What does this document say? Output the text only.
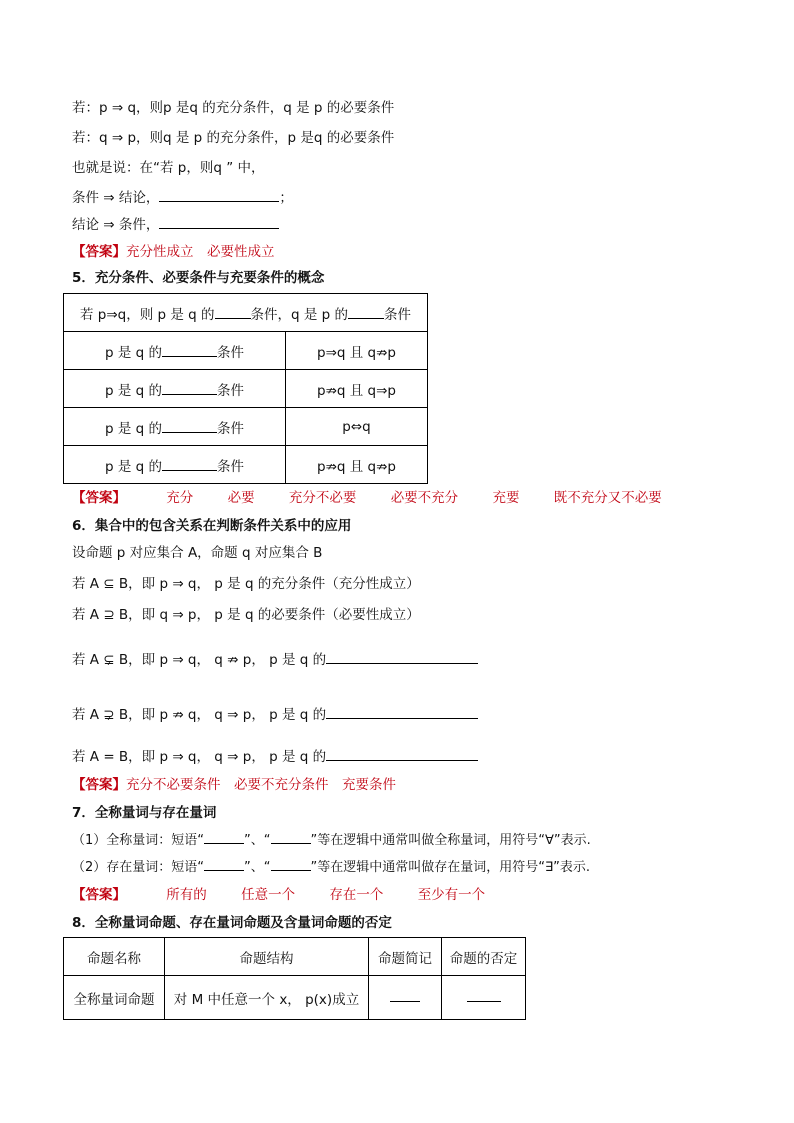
若：p ⇒ q，则p 是q 的充分条件，q 是 p 的必要条件
若：q ⇒ p，则q 是 p 的充分条件，p 是q 的必要条件
也就是说：在“若 p，则q ” 中，
条件 ⇒ 结论，	；
结论 ⇒ 条件，
【答案】充分性成立　必要性成立
5．充分条件、必要条件与充要条件的概念
若 p⇒q，则 p 是 q 的 条件，q 是 p 的 条件	
p 是 q 的 条件	p⇒q 且 q⇏p
p 是 q 的 条件	p⇏q 且 q⇒p
p 是 q 的 条件	p⇔q
p 是 q 的 条件	p⇏q 且 q⇏p
【答案】	充分	必要	充分不必要	必要不充分	充要	既不充分又不必要
6．集合中的包含关系在判断条件关系中的应用
设命题 p 对应集合 A，命题 q 对应集合 B
若 A ⊆ B，即 p ⇒ q， p 是 q 的充分条件（充分性成立）
若 A ⊇ B，即 q ⇒ p， p 是 q 的必要条件（必要性成立）
若 A ⊊ B，即 p ⇒ q， q ⇏ p， p 是 q 的
若 A ⊋ B，即 p ⇏ q， q ⇒ p， p 是 q 的
若 A = B，即 p ⇒ q， q ⇒ p， p 是 q 的
【答案】充分不必要条件　必要不充分条件　充要条件
7．全称量词与存在量词
（1）全称量词：短语“	”、“	”等在逻辑中通常叫做全称量词，用符号“∀”表示.
（2）存在量词：短语“	”、“	”等在逻辑中通常叫做存在量词，用符号“∃”表示.
【答案】	所有的	任意一个	存在一个	至少有一个
8．全称量词命题、存在量词命题及含量词命题的否定
命题名称	命题结构	命题简记	命题的否定
全称量词命题	对 M 中任意一个 x， p(x)成立		
